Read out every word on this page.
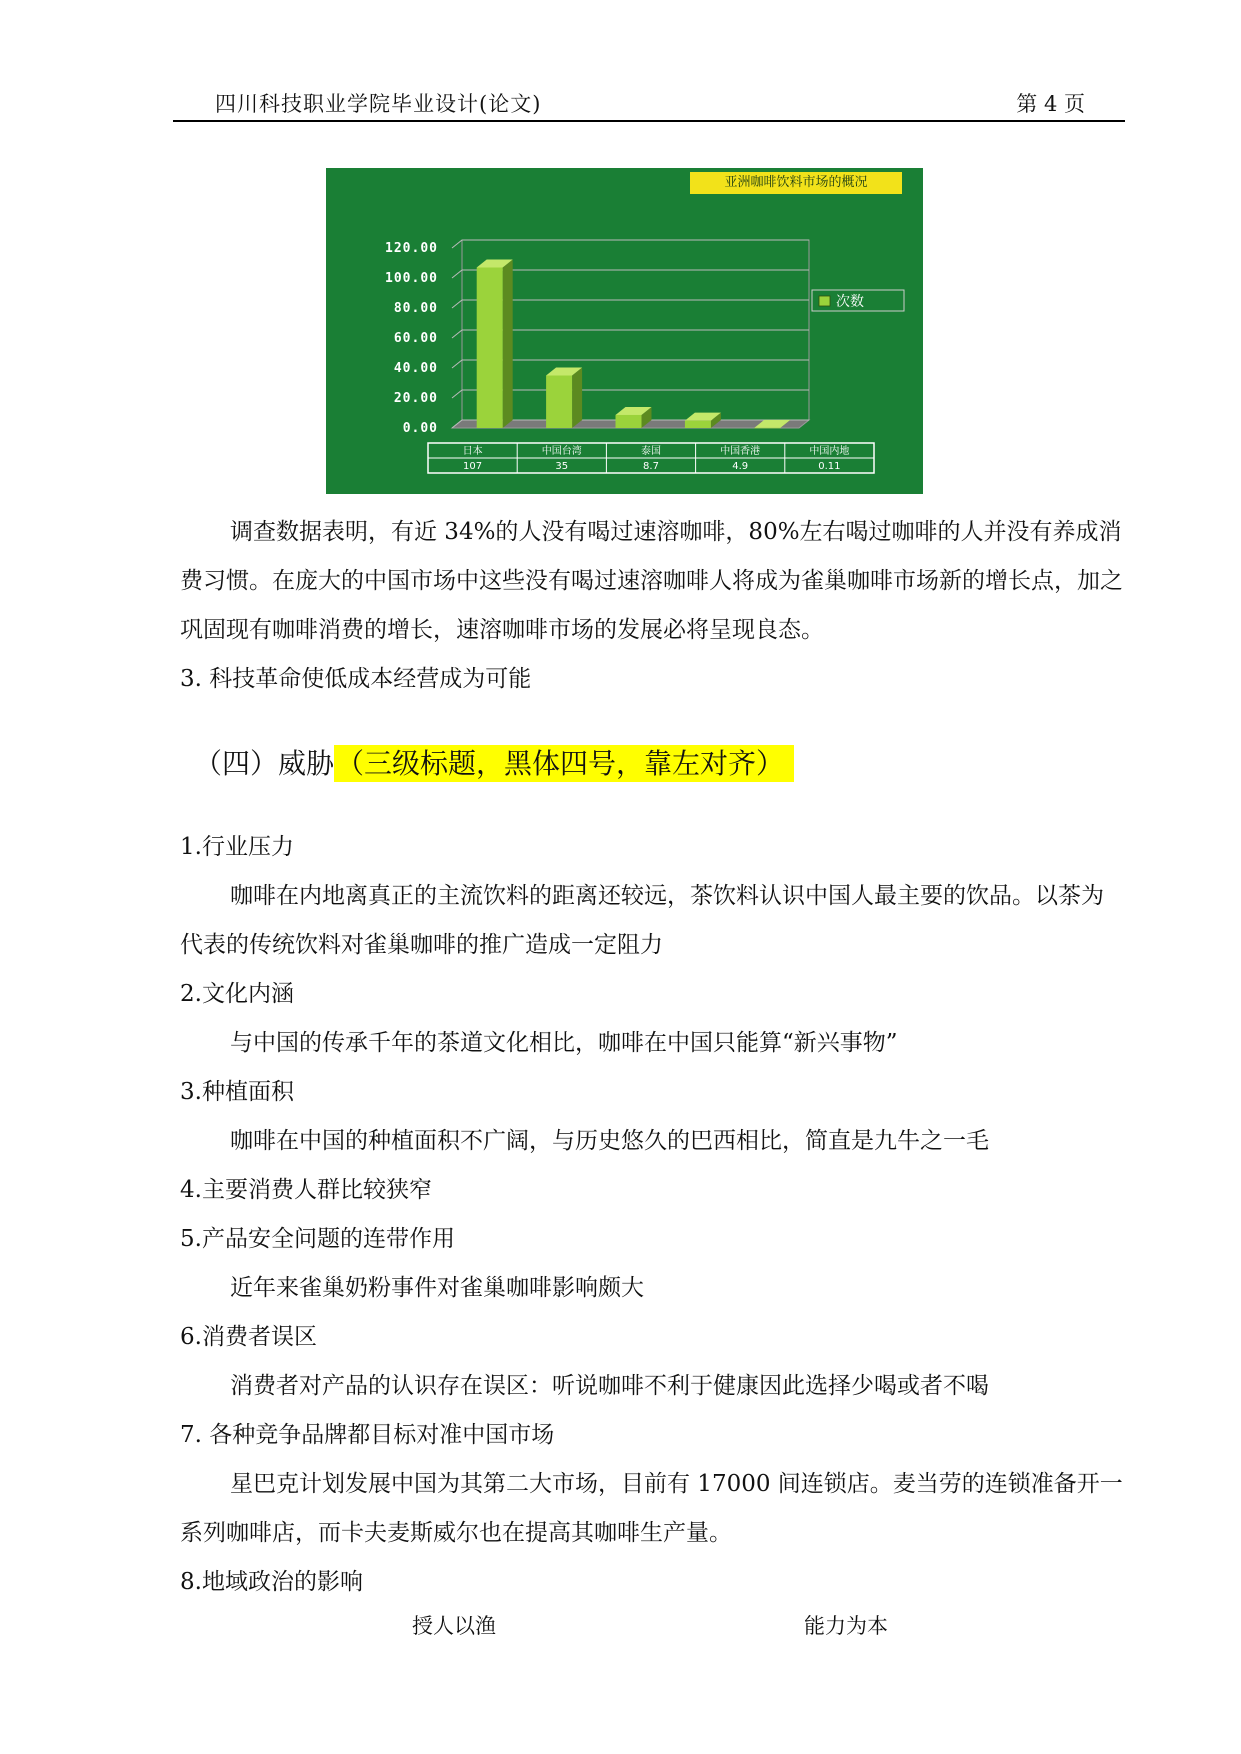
四川科技职业学院毕业设计(论文)	第 4 页
亚洲咖啡饮料市场的概况
0.00
20.00
40.00
60.00
80.00
100.00
120.00
日本
107
中国台湾
35
泰国
8.7
中国香港
4.9
中国内地
0.11
次数
调查数据表明，有近 34%的人没有喝过速溶咖啡，80%左右喝过咖啡的人并没有养成消费习惯。在庞大的中国市场中这些没有喝过速溶咖啡人将成为雀巢咖啡市场新的增长点，加之巩固现有咖啡消费的增长，速溶咖啡市场的发展必将呈现良态。
3. 科技革命使低成本经营成为可能
（四）威胁（三级标题，黑体四号，靠左对齐）
1.行业压力
咖啡在内地离真正的主流饮料的距离还较远，茶饮料认识中国人最主要的饮品。以茶为代表的传统饮料对雀巢咖啡的推广造成一定阻力
2.文化内涵
与中国的传承千年的茶道文化相比，咖啡在中国只能算“新兴事物”
3.种植面积
咖啡在中国的种植面积不广阔，与历史悠久的巴西相比，简直是九牛之一毛
4.主要消费人群比较狭窄
5.产品安全问题的连带作用
近年来雀巢奶粉事件对雀巢咖啡影响颇大
6.消费者误区
消费者对产品的认识存在误区：听说咖啡不利于健康因此选择少喝或者不喝
7. 各种竞争品牌都目标对准中国市场
星巴克计划发展中国为其第二大市场，目前有 17000 间连锁店。麦当劳的连锁准备开一系列咖啡店，而卡夫麦斯威尔也在提高其咖啡生产量。
8.地域政治的影响
授人以渔	能力为本
